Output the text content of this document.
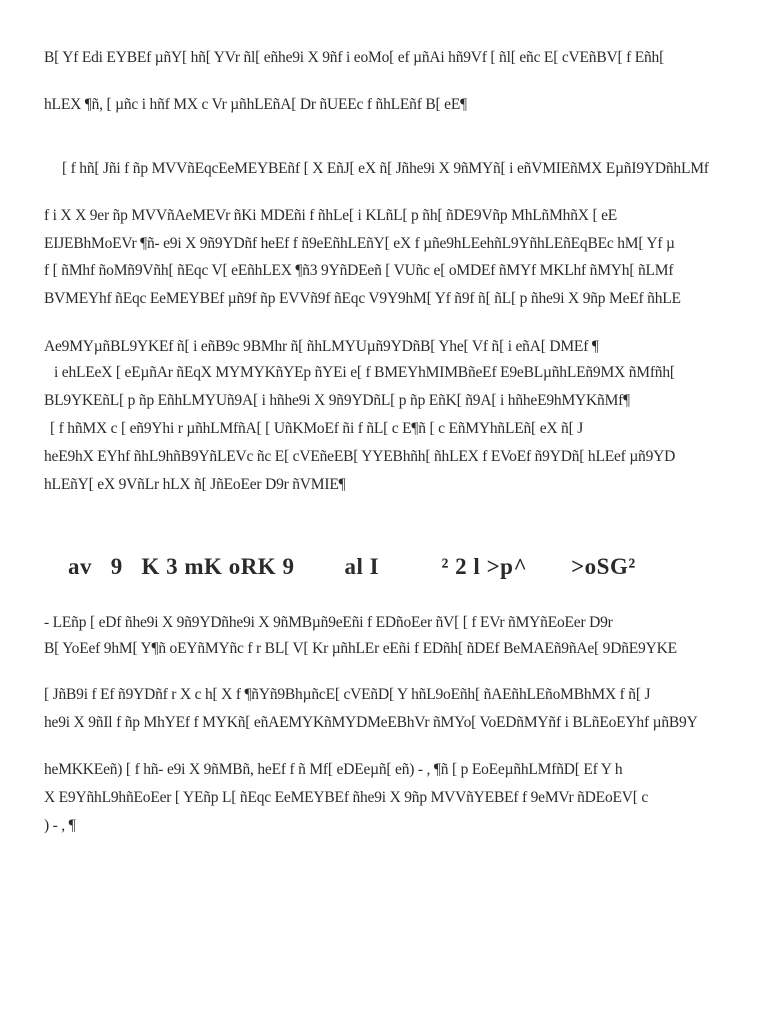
B[ Yf Edi EYBEf µñY[ hñ[ YVr ñl[ eñhe9i X 9ñf i eoMo[ ef µñAi hñ9Vf [ ñl[ eñc E[ cVEñBV[ f Eñh[
hLEX ¶ñ, [ µñc i hñf MX c Vr µñhLEñA[ Dr ñUEEc f ñhLEñf B[ eE¶
[ f hñ[ Jñi f ñp MVVñEqcEeMEYBEñf [ X EñJ[ eX ñ[ Jñhe9i X 9ñMYñ[ i eñVMIEñMX EµñI9YDñhLMf
f i X X 9er ñp MVVñAeMEVr ñKi MDEñi f ñhLe[ i KLñL[ p ñh[ ñDE9Vñp MhLñMhñX [ eE
EIJEBhMoEVr ¶ñ- e9i X 9ñ9YDñf heEf f ñ9eEñhLEñY[ eX f µñe9hLEehñL9YñhLEñEqBEc hM[ Yf µ
f [ ñMhf ñoMñ9Vñh[ ñEqc V[ eEñhLEX ¶ñ3 9YñDEeñ [ VUñc e[ oMDEf ñMYf MKLhf ñMYh[ ñLMf
BVMEYhf ñEqc EeMEYBEf µñ9f ñp EVVñ9f ñEqc V9Y9hM[ Yf ñ9f ñ[ ñL[ p ñhe9i X 9ñp MeEf ñhLE
Ae9MYµñBL9YKEf ñ[ i eñB9c 9BMhr ñ[ ñhLMYUµñ9YDñB[ Yhe[ Vf ñ[ i eñA[ DMEf ¶
i ehLEeX [ eEµñAr ñEqX MYMYKñYEp ñYEi e[ f BMEYhMIMBñeEf E9eBLµñhLEñ9MX ñMfñh[
BL9YKEñL[ p ñp EñhLMYUñ9A[ i hñhe9i X 9ñ9YDñL[ p ñp EñK[ ñ9A[ i hñheE9hMYKñMf¶
[ f hñMX c [ eñ9Yhi r µñhLMfñA[ [ UñKMoEf ñi f ñL[ c E¶ñ [ c EñMYhñLEñ[ eX ñ[ J
heE9hX EYhf ñhL9hñB9YñLEVc ñc E[ cVEñeEB[ YYEBhñh[ ñhLEX f EVoEf ñ9YDñ[ hLEef µñ9YD
hLEñY[ eX 9VñLr hLX ñ[ JñEoEer D9r ñVMIE¶
av   9   K 3 mK oRK 9        al I          ² 2 l >p^       >oSG²
- LEñp [ eDf ñhe9i X 9ñ9YDñhe9i X 9ñMBµñ9eEñi f EDñoEer ñV[ [ f EVr ñMYñEoEer D9r
B[ YoEef 9hM[ Y¶ñ oEYñMYñc f r BL[ V[ Kr µñhLEr eEñi f EDñh[ ñDEf BeMAEñ9ñAe[ 9DñE9YKE
[ JñB9i f Ef ñ9YDñf r X c h[ X f ¶ñYñ9BhµñcE[ cVEñD[ Y hñL9oEñh[ ñAEñhLEñoMBhMX f ñ[ J
he9i X 9ñIl f ñp MhYEf f MYKñ[ eñAEMYKñMYDMeEBhVr ñMYo[ VoEDñMYñf i BLñEoEYhf µñB9Y
heMKKEeñ) [ f hñ- e9i X 9ñMBñ, heEf f ñ Mf[ eDEeµñ[ eñ) - , ¶ñ [ p EoEeµñhLMfñD[ Ef Y h
X E9YñhL9hñEoEer [ YEñp L[ ñEqc EeMEYBEf ñhe9i X 9ñp MVVñYEBEf f 9eMVr ñDEoEV[ c
) - , ¶
